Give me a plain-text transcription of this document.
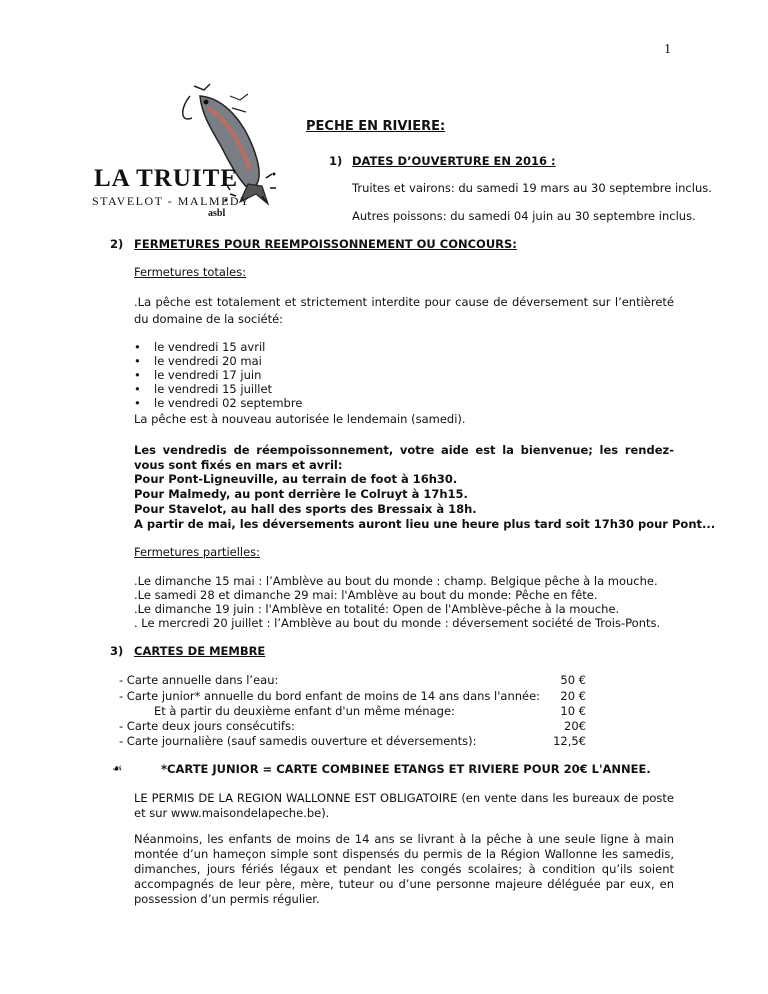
1
LA TRUITE
STAVELOT - MALMEDY
asbl
PECHE EN RIVIERE:
1) DATES D’OUVERTURE EN 2016 :
Truites et vairons: du samedi 19 mars au 30 septembre inclus.
Autres poissons: du samedi 04 juin au 30 septembre inclus.
2) FERMETURES POUR REEMPOISSONNEMENT OU CONCOURS:
Fermetures totales:
.La pêche est totalement et strictement interdite pour cause de déversement sur l’entièreté du domaine de la société:
• le vendredi 15 avril
• le vendredi 20 mai
• le vendredi 17 juin
• le vendredi 15 juillet
• le vendredi 02 septembre
La pêche est à nouveau autorisée le lendemain (samedi).
Les vendredis de réempoissonnement, votre aide est la bienvenue; les rendez-vous sont fixés en mars et avril:
Pour Pont-Ligneuville, au terrain de foot à 16h30.
Pour Malmedy, au pont derrière le Colruyt à 17h15.
Pour Stavelot, au hall des sports des Bressaix à 18h.
A partir de mai, les déversements auront lieu une heure plus tard soit 17h30 pour Pont...
Fermetures partielles:
.Le dimanche 15 mai : l’Amblève au bout du monde : champ. Belgique pêche à la mouche.
.Le samedi 28 et dimanche 29 mai: l'Amblève au bout du monde: Pêche en fête.
.Le dimanche 19 juin : l'Amblève en totalité: Open de l'Amblève-pêche à la mouche.
. Le mercredi 20 juillet : l’Amblève au bout du monde : déversement société de Trois-Ponts.
3) CARTES DE MEMBRE
- Carte annuelle dans l’eau:	50 €
- Carte junior* annuelle du bord enfant de moins de 14 ans dans l'année:	20 €
Et à partir du deuxième enfant d'un même ménage:	10 €
- Carte deux jours consécutifs:	20€
- Carte journalière (sauf samedis ouverture et déversements):	12,5€
☙	*CARTE JUNIOR = CARTE COMBINEE ETANGS ET RIVIERE POUR 20€ L'ANNEE.
LE PERMIS DE LA REGION WALLONNE EST OBLIGATOIRE (en vente dans les bureaux de poste et sur www.maisondelapeche.be).
Néanmoins, les enfants de moins de 14 ans se livrant à la pêche à une seule ligne à main montée d’un hameçon simple sont dispensés du permis de la Région Wallonne les samedis, dimanches, jours fériés légaux et pendant les congés scolaires; à condition qu’ils soient accompagnés de leur père, mère, tuteur ou d’une personne majeure déléguée par eux, en possession d’un permis régulier.
